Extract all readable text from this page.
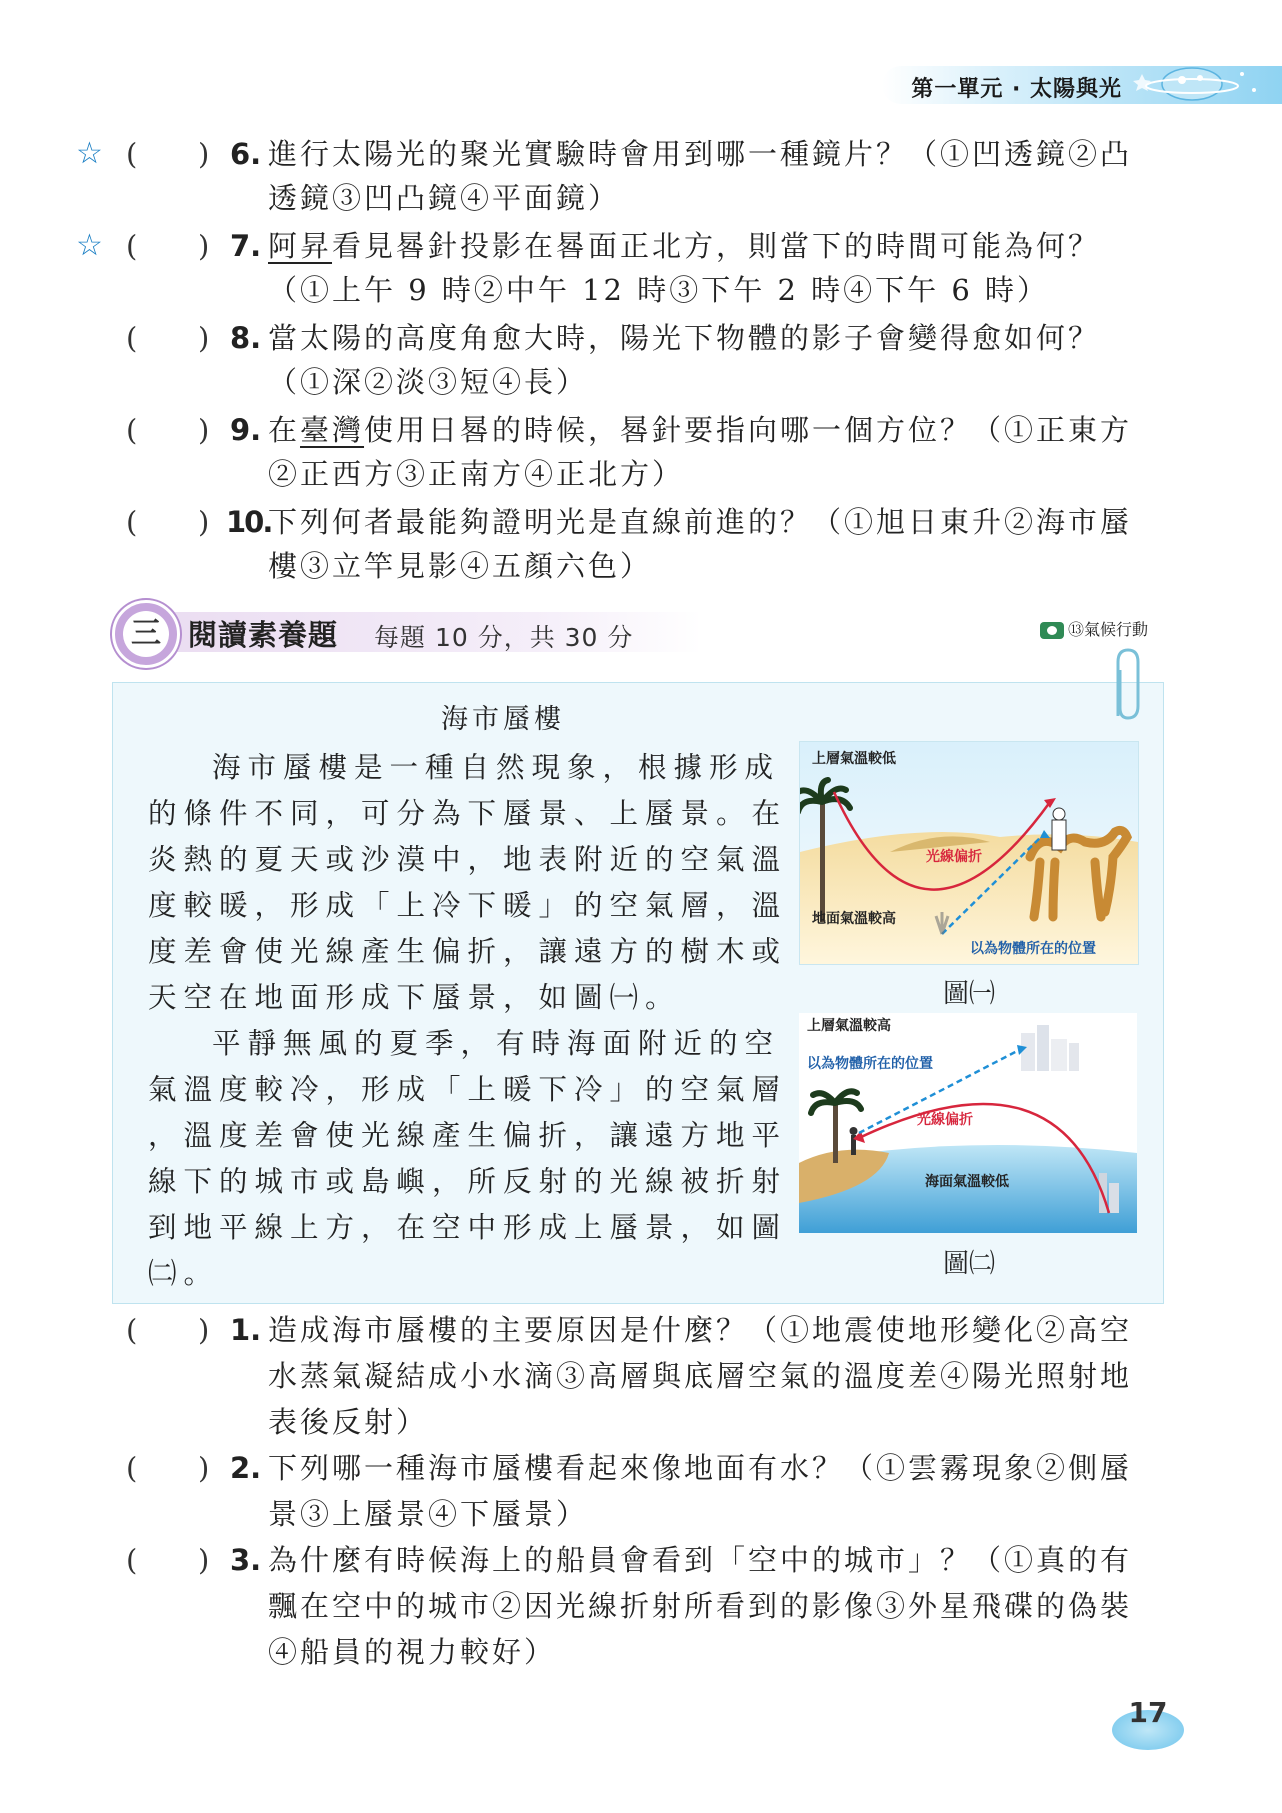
第一單元 · 太陽與光
☆ ( ) 6. 進行太陽光的聚光實驗時會用到哪一種鏡片？（①凹透鏡②凸
透鏡③凹凸鏡④平面鏡）
☆ ( ) 7. 阿昇看見晷針投影在晷面正北方，則當下的時間可能為何？
（①上午 9 時②中午 12 時③下午 2 時④下午 6 時）
( ) 8. 當太陽的高度角愈大時，陽光下物體的影子會變得愈如何？
（①深②淡③短④長）
( ) 9. 在臺灣使用日晷的時候，晷針要指向哪一個方位？（①正東方
②正西方③正南方④正北方）
( ) 10.
下列何者最能夠證明光是直線前進的？（①旭日東升②海市蜃
樓③立竿見影④五顏六色）
三 閱讀素養題 每題 10 分，共 30 分	⑬氣候行動
海市蜃樓
海市蜃樓是一種自然現象，根據形成
的條件不同，可分為下蜃景、上蜃景。在
炎熱的夏天或沙漠中，地表附近的空氣溫
度較暖，形成「上冷下暖」的空氣層，溫
度差會使光線產生偏折，讓遠方的樹木或
天空在地面形成下蜃景，如圖㈠。
平靜無風的夏季，有時海面附近的空
氣溫度較冷，形成「上暖下冷」的空氣層
，溫度差會使光線產生偏折，讓遠方地平
線下的城市或島嶼，所反射的光線被折射
到地平線上方，在空中形成上蜃景，如圖
㈡。
上層氣溫較低
光線偏折
地面氣溫較高
以為物體所在的位置
圖㈠
上層氣溫較高
以為物體所在的位置
光線偏折
海面氣溫較低
圖㈡
( ) 1. 造成海市蜃樓的主要原因是什麼？（①地震使地形變化②高空
水蒸氣凝結成小水滴③高層與底層空氣的溫度差④陽光照射地
表後反射）
( ) 2. 下列哪一種海市蜃樓看起來像地面有水？（①雲霧現象②側蜃
景③上蜃景④下蜃景）
( ) 3. 為什麼有時候海上的船員會看到「空中的城市」？（①真的有
飄在空中的城市②因光線折射所看到的影像③外星飛碟的偽裝
④船員的視力較好）
17
